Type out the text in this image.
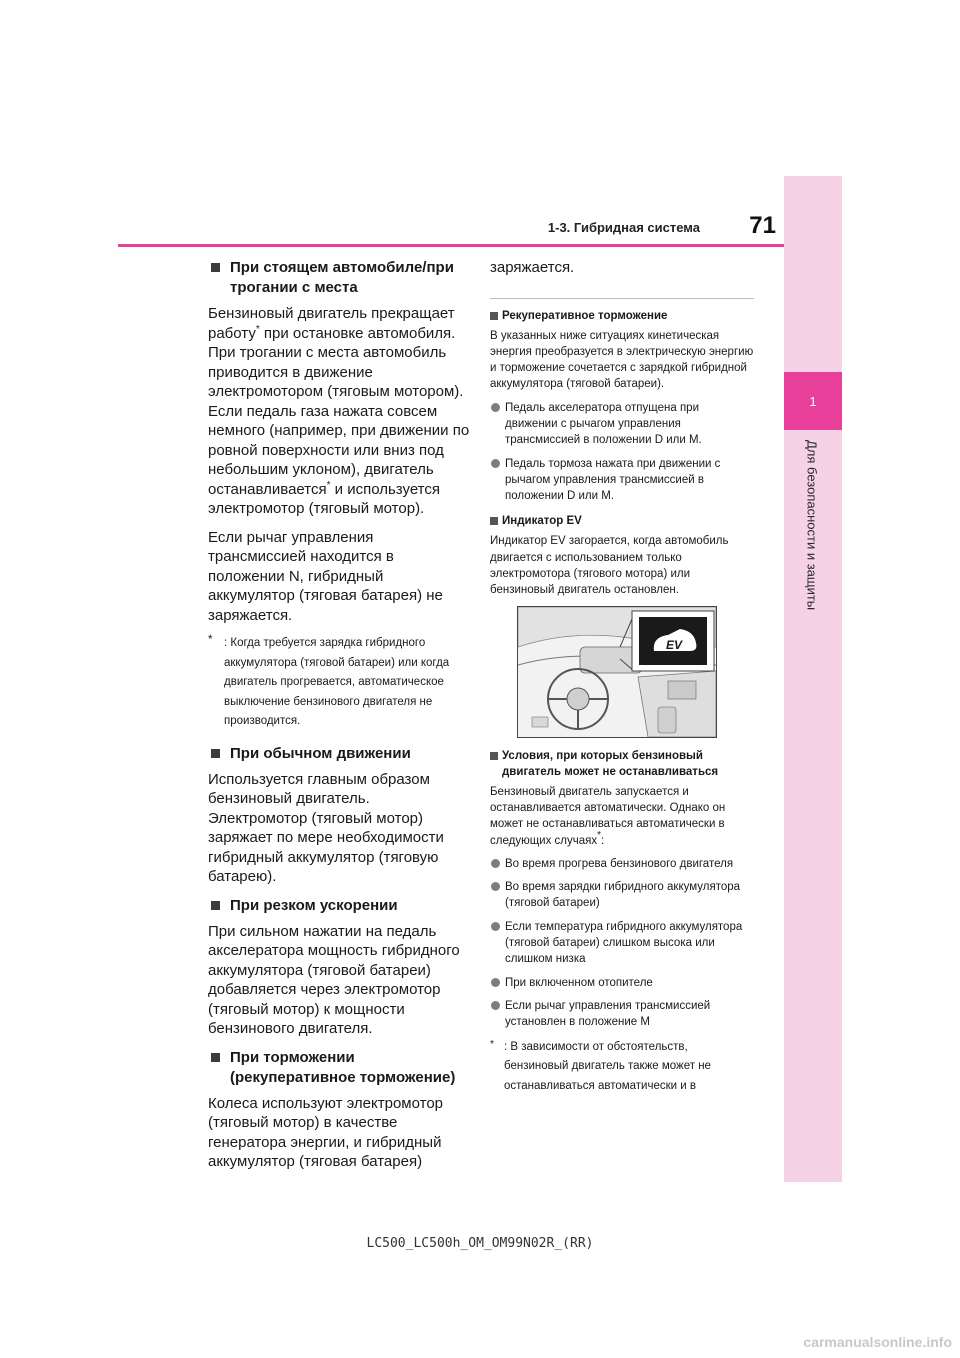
1
Для безопасности и защиты
71
1-3. Гибридная система
При стоящем автомобиле/при трогании с места

Бензиновый двигатель прекращает работу* при остановке автомобиля. При трогании с места автомобиль приводится в движение электромотором (тяговым мотором). Если педаль газа нажата совсем немного (например, при движении по ровной поверхности или вниз под небольшим уклоном), двигатель останавливается* и используется электромотор (тяговый мотор).

Если рычаг управления трансмиссией находится в положении N, гибридный аккумулятор (тяговая батарея) не заряжается.

* : Когда требуется зарядка гибридного аккумулятора (тяговой батареи) или когда двигатель прогревается, автоматическое выключение бензинового двигателя не производится.

При обычном движении

Используется главным образом бензиновый двигатель. Электромотор (тяговый мотор) заряжает по мере необходимости гибридный аккумулятор (тяговую батарею).

При резком ускорении

При сильном нажатии на педаль акселератора мощность гибридного аккумулятора (тяговой батареи) добавляется через электромотор (тяговый мотор) к мощности бензинового двигателя.

При торможении (рекуперативное торможение)

Колеса используют электромотор (тяговый мотор) в качестве генератора энергии, и гибридный аккумулятор (тяговая батарея)

заряжается.

Рекуперативное торможение

В указанных ниже ситуациях кинетическая энергия преобразуется в электрическую энергию и торможение сочетается с зарядкой гибридной аккумулятора (тяговой батареи).

Педаль акселератора отпущена при движении с рычагом управления трансмиссией в положении D или M.
Педаль тормоза нажата при движении с рычагом управления трансмиссией в положении D или M.
Индикатор EV

Индикатор EV загорается, когда автомобиль двигается с использованием только электромотора (тягового мотора) или бензиновый двигатель остановлен.

EV
Условия, при которых бензиновый двигатель может не останавливаться

Бензиновый двигатель запускается и останавливается автоматически. Однако он может не останавливаться автоматически в следующих случаях*:

Во время прогрева бензинового двигателя
Во время зарядки гибридного аккумулятора (тяговой батареи)
Если температура гибридного аккумулятора (тяговой батареи) слишком высока или слишком низка
При включенном отопителе
Если рычаг управления трансмиссией установлен в положение M

* : В зависимости от обстоятельств, бензиновый двигатель также может не останавливаться автоматически и в

LC500_LC500h_OM_OM99N02R_(RR)
carmanualsonline.info
